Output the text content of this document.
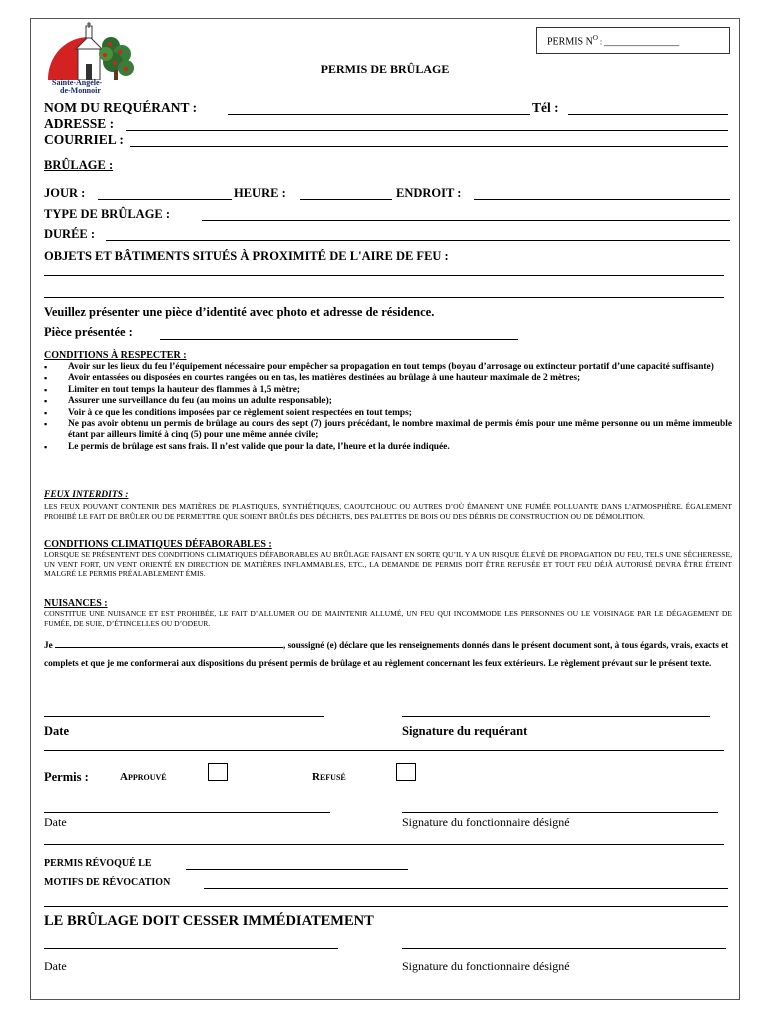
Sainte-Angèle-
de-Monnoir
PERMIS $N^O$ : _______________
PERMIS DE BRÛLAGE
NOM DU REQUÉRANT :	Tél :
ADRESSE :
COURRIEL :
BRÛLAGE :
JOUR :	HEURE :	ENDROIT :
TYPE DE BRÛLAGE :
DURÉE :
OBJETS ET BÂTIMENTS SITUÉS À PROXIMITÉ DE L'AIRE DE FEU :
Veuillez présenter une pièce d’identité avec photo et adresse de résidence.
Pièce présentée :
CONDITIONS À RESPECTER :
▪ Avoir sur les lieux du feu l’équipement nécessaire pour empêcher sa propagation en tout temps (boyau d’arrosage ou extincteur portatif d’une capacité suffisante)
▪ Avoir entassées ou disposées en courtes rangées ou en tas, les matières destinées au brûlage à une hauteur maximale de 2 mètres;
▪ Limiter en tout temps la hauteur des flammes à 1,5 mètre;
▪ Assurer une surveillance du feu (au moins un adulte responsable);
▪ Voir à ce que les conditions imposées par ce règlement soient respectées en tout temps;
▪ Ne pas avoir obtenu un permis de brûlage au cours des sept (7) jours précédant, le nombre maximal de permis émis pour une même personne ou un même immeuble étant par ailleurs limité à cinq (5) pour une même année civile;
▪ Le permis de brûlage est sans frais. Il n’est valide que pour la date, l’heure et la durée indiquée.
FEUX INTERDITS :
LES FEUX POUVANT CONTENIR DES MATIÈRES DE PLASTIQUES, SYNTHÉTIQUES, CAOUTCHOUC OU AUTRES D’OÙ ÉMANENT UNE FUMÉE POLLUANTE DANS L’ATMOSPHÈRE. ÉGALEMENT PROHIBÉ LE FAIT DE BRÛLER OU DE PERMETTRE QUE SOIENT BRÛLÉS DES DÉCHETS, DES PALETTES DE BOIS OU DES DÉBRIS DE CONSTRUCTION OU DE DÉMOLITION.
CONDITIONS CLIMATIQUES DÉFABORABLES :
LORSQUE SE PRÉSENTENT DES CONDITIONS CLIMATIQUES DÉFABORABLES AU BRÛLAGE FAISANT EN SORTE QU’IL Y A UN RISQUE ÉLEVÉ DE PROPAGATION DU FEU, TELS UNE SÉCHERESSE, UN VENT FORT, UN VENT ORIENTÉ EN DIRECTION DE MATIÈRES INFLAMMABLES, ETC., LA DEMANDE DE PERMIS DOIT ÊTRE REFUSÉE ET TOUT FEU DÉJÀ AUTORISÉ DEVRA ÊTRE ÉTEINT MALGRÉ LE PERMIS PRÉALABLEMENT ÉMIS.
NUISANCES :
CONSTITUE UNE NUISANCE ET EST PROHIBÉE, LE FAIT D’ALLUMER OU DE MAINTENIR ALLUMÉ, UN FEU QUI INCOMMODE LES PERSONNES OU LE VOISINAGE PAR LE DÉGAGEMENT DE FUMÉE, DE SUIE, D’ÉTINCELLES OU D’ODEUR.
Je	, soussigné (e) déclare que les renseignements donnés dans le présent document sont, à tous égards, vrais, exacts et complets et que je me conformerai aux dispositions du présent permis de brûlage et au règlement concernant les feux extérieurs. Le règlement prévaut sur le présent texte.
Date	Signature du requérant
Permis :	Approuvé	Refusé
Date	Signature du fonctionnaire désigné
PERMIS RÉVOQUÉ LE
MOTIFS DE RÉVOCATION
LE BRÛLAGE DOIT CESSER IMMÉDIATEMENT
Date	Signature du fonctionnaire désigné
